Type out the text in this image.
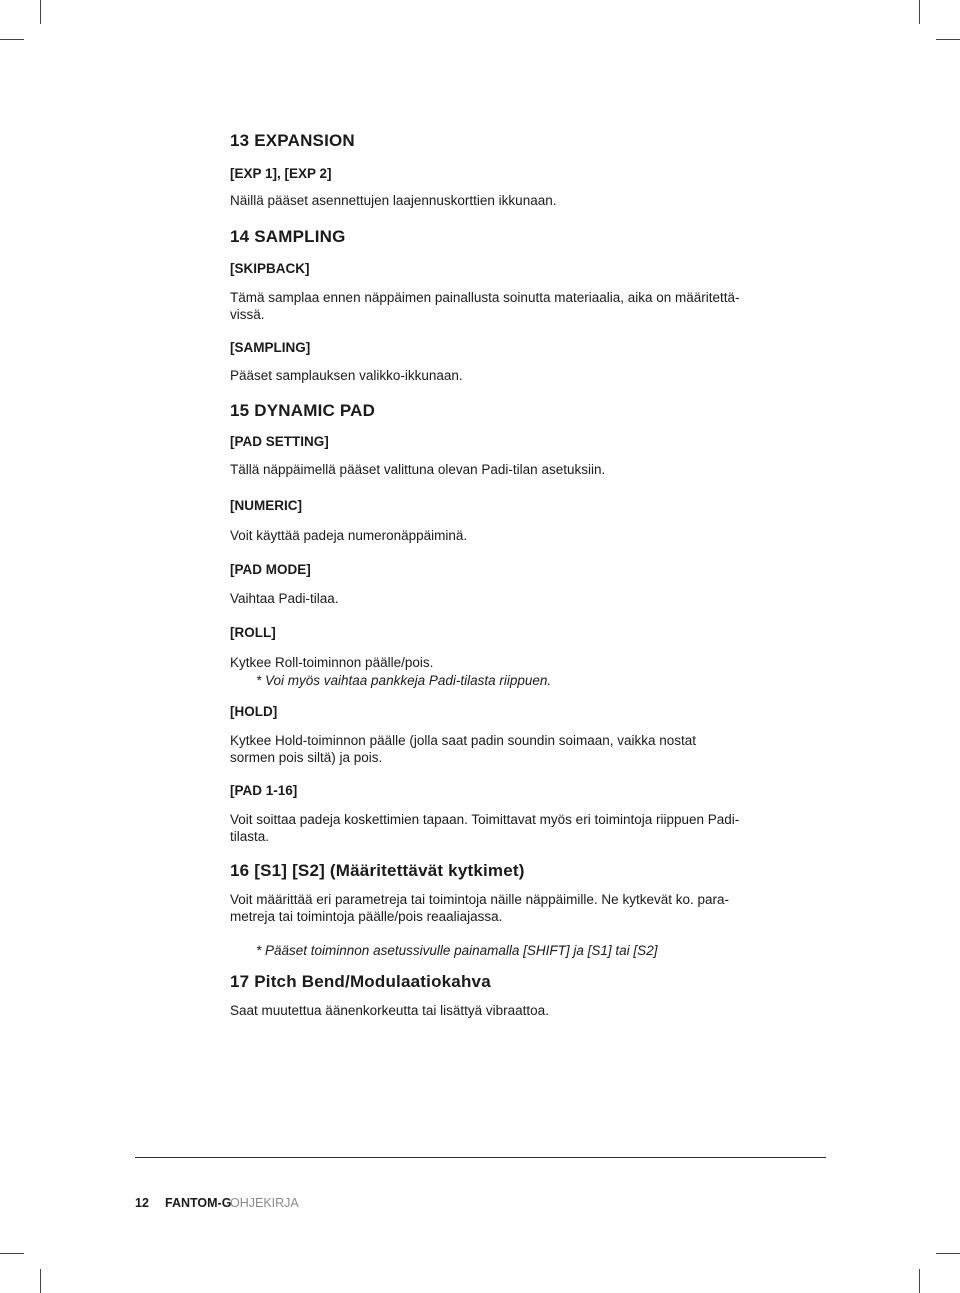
13 EXPANSION
[EXP 1], [EXP 2]
Näillä pääset asennettujen laajennuskorttien ikkunaan.
14 SAMPLING
[SKIPBACK]
Tämä samplaa ennen näppäimen painallusta soinutta materiaalia, aika on määritettä-
vissä.
[SAMPLING]
Pääset samplauksen valikko-ikkunaan.
15 DYNAMIC PAD
[PAD SETTING]
Tällä näppäimellä pääset valittuna olevan Padi-tilan asetuksiin.
[NUMERIC]
Voit käyttää padeja numeronäppäiminä.
[PAD MODE]
Vaihtaa Padi-tilaa.
[ROLL]
Kytkee Roll-toiminnon päälle/pois.
* Voi myös vaihtaa pankkeja Padi-tilasta riippuen.
[HOLD]
Kytkee Hold-toiminnon päälle (jolla saat padin soundin soimaan, vaikka nostat
sormen pois siltä) ja pois.
[PAD 1-16]
Voit soittaa padeja koskettimien tapaan. Toimittavat myös eri toimintoja riippuen Padi-
tilasta.
16 [S1] [S2] (Määritettävät kytkimet)
Voit määrittää eri parametreja tai toimintoja näille näppäimille. Ne kytkevät ko. para-
metreja tai toimintoja päälle/pois reaaliajassa.
* Pääset toiminnon asetussivulle painamalla [SHIFT] ja [S1] tai [S2]
17 Pitch Bend/Modulaatiokahva
Saat muutettua äänenkorkeutta tai lisättyä vibraattoa.
12 FANTOM-G
OHJEKIRJA
